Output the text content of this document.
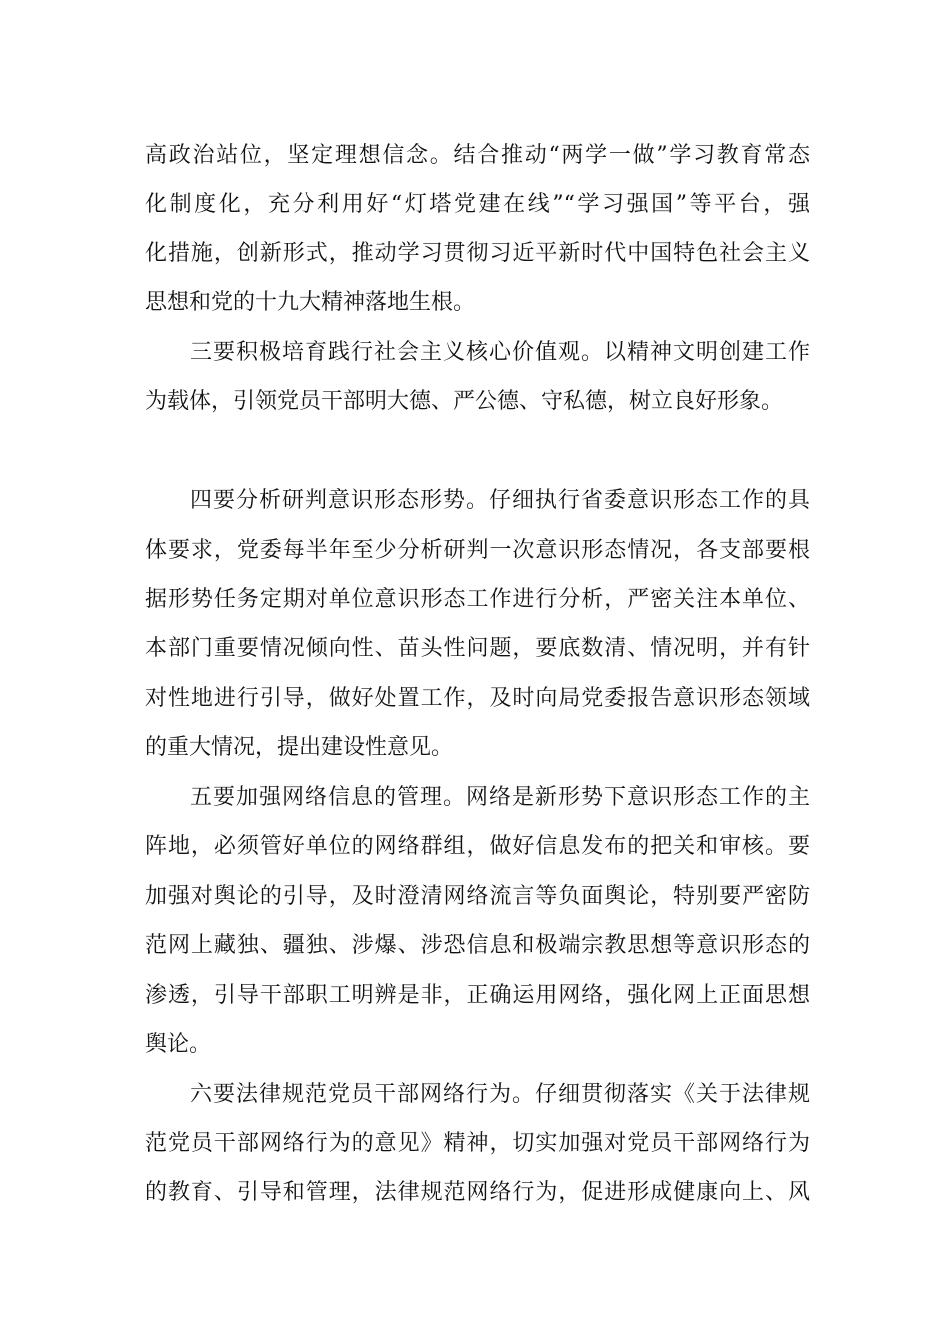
高政治站位，坚定理想信念。结合推动“两学一做”学习教育常态
化制度化，充分利用好“灯塔党建在线”“学习强国”等平台，强
化措施，创新形式，推动学习贯彻习近平新时代中国特色社会主义
思想和党的十九大精神落地生根。
三要积极培育践行社会主义核心价值观。以精神文明创建工作
为载体，引领党员干部明大德、严公德、守私德，树立良好形象。
四要分析研判意识形态形势。仔细执行省委意识形态工作的具
体要求，党委每半年至少分析研判一次意识形态情况，各支部要根
据形势任务定期对单位意识形态工作进行分析，严密关注本单位、
本部门重要情况倾向性、苗头性问题，要底数清、情况明，并有针
对性地进行引导，做好处置工作，及时向局党委报告意识形态领域
的重大情况，提出建设性意见。
五要加强网络信息的管理。网络是新形势下意识形态工作的主
阵地，必须管好单位的网络群组，做好信息发布的把关和审核。要
加强对舆论的引导，及时澄清网络流言等负面舆论，特别要严密防
范网上藏独、疆独、涉爆、涉恐信息和极端宗教思想等意识形态的
渗透，引导干部职工明辨是非，正确运用网络，强化网上正面思想
舆论。
六要法律规范党员干部网络行为。仔细贯彻落实《关于法律规
范党员干部网络行为的意见》精神，切实加强对党员干部网络行为
的教育、引导和管理，法律规范网络行为，促进形成健康向上、风
